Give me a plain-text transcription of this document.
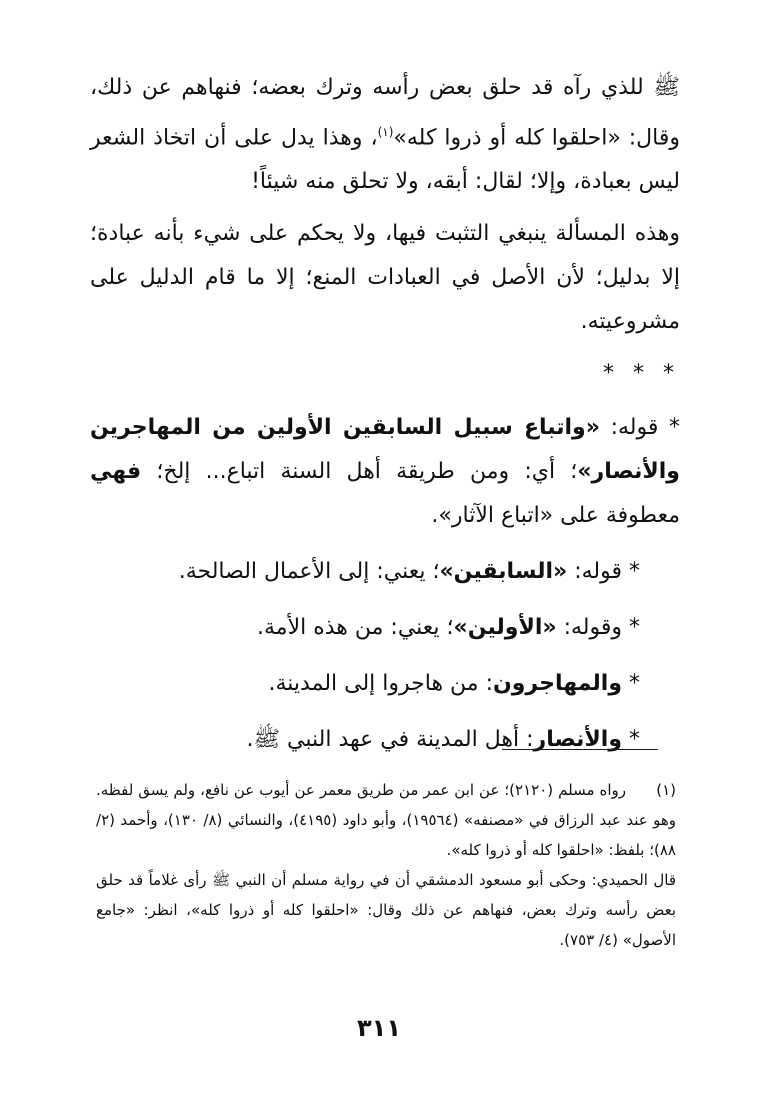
ﷺ للذي رآه قد حلق بعض رأسه وترك بعضه؛ فنهاهم عن ذلك، وقال: «احلقوا كله أو ذروا كله»$^{(١)}$، وهذا يدل على أن اتخاذ الشعر ليس بعبادة، وإلا؛ لقال: أبقه، ولا تحلق منه شيئاً!

وهذه المسألة ينبغي التثبت فيها، ولا يحكم على شيء بأنه عبادة؛ إلا بدليل؛ لأن الأصل في العبادات المنع؛ إلا ما قام الدليل على مشروعيته.

* * *

* قوله: «واتباع سبيل السابقين الأولين من المهاجرين والأنصار»؛ أي: ومن طريقة أهل السنة اتباع... إلخ؛ فهي معطوفة على «اتباع الآثار».

* قوله: «السابقين»؛ يعني: إلى الأعمال الصالحة.

* وقوله: «الأولين»؛ يعني: من هذه الأمة.

* والمهاجرون: من هاجروا إلى المدينة.

* والأنصار: أهل المدينة في عهد النبي ﷺ.

(١)رواه مسلم (٢١٢٠)؛ عن ابن عمر من طريق معمر عن أيوب عن نافع، ولم يسق لفظه. وهو عند عبد الرزاق في «مصنفه» (١٩٥٦٤)، وأبو داود (٤١٩٥)، والنسائي (٨/ ١٣٠)، وأحمد (٢/ ٨٨)؛ بلفظ: «احلقوا كله أو ذروا كله».

قال الحميدي: وحكى أبو مسعود الدمشقي أن في رواية مسلم أن النبي ﷺ رأى غلاماً قد حلق بعض رأسه وترك بعض، فنهاهم عن ذلك وقال: «احلقوا كله أو ذروا كله»، انظر: «جامع الأصول» (٤/ ٧٥٣).

٣١١
